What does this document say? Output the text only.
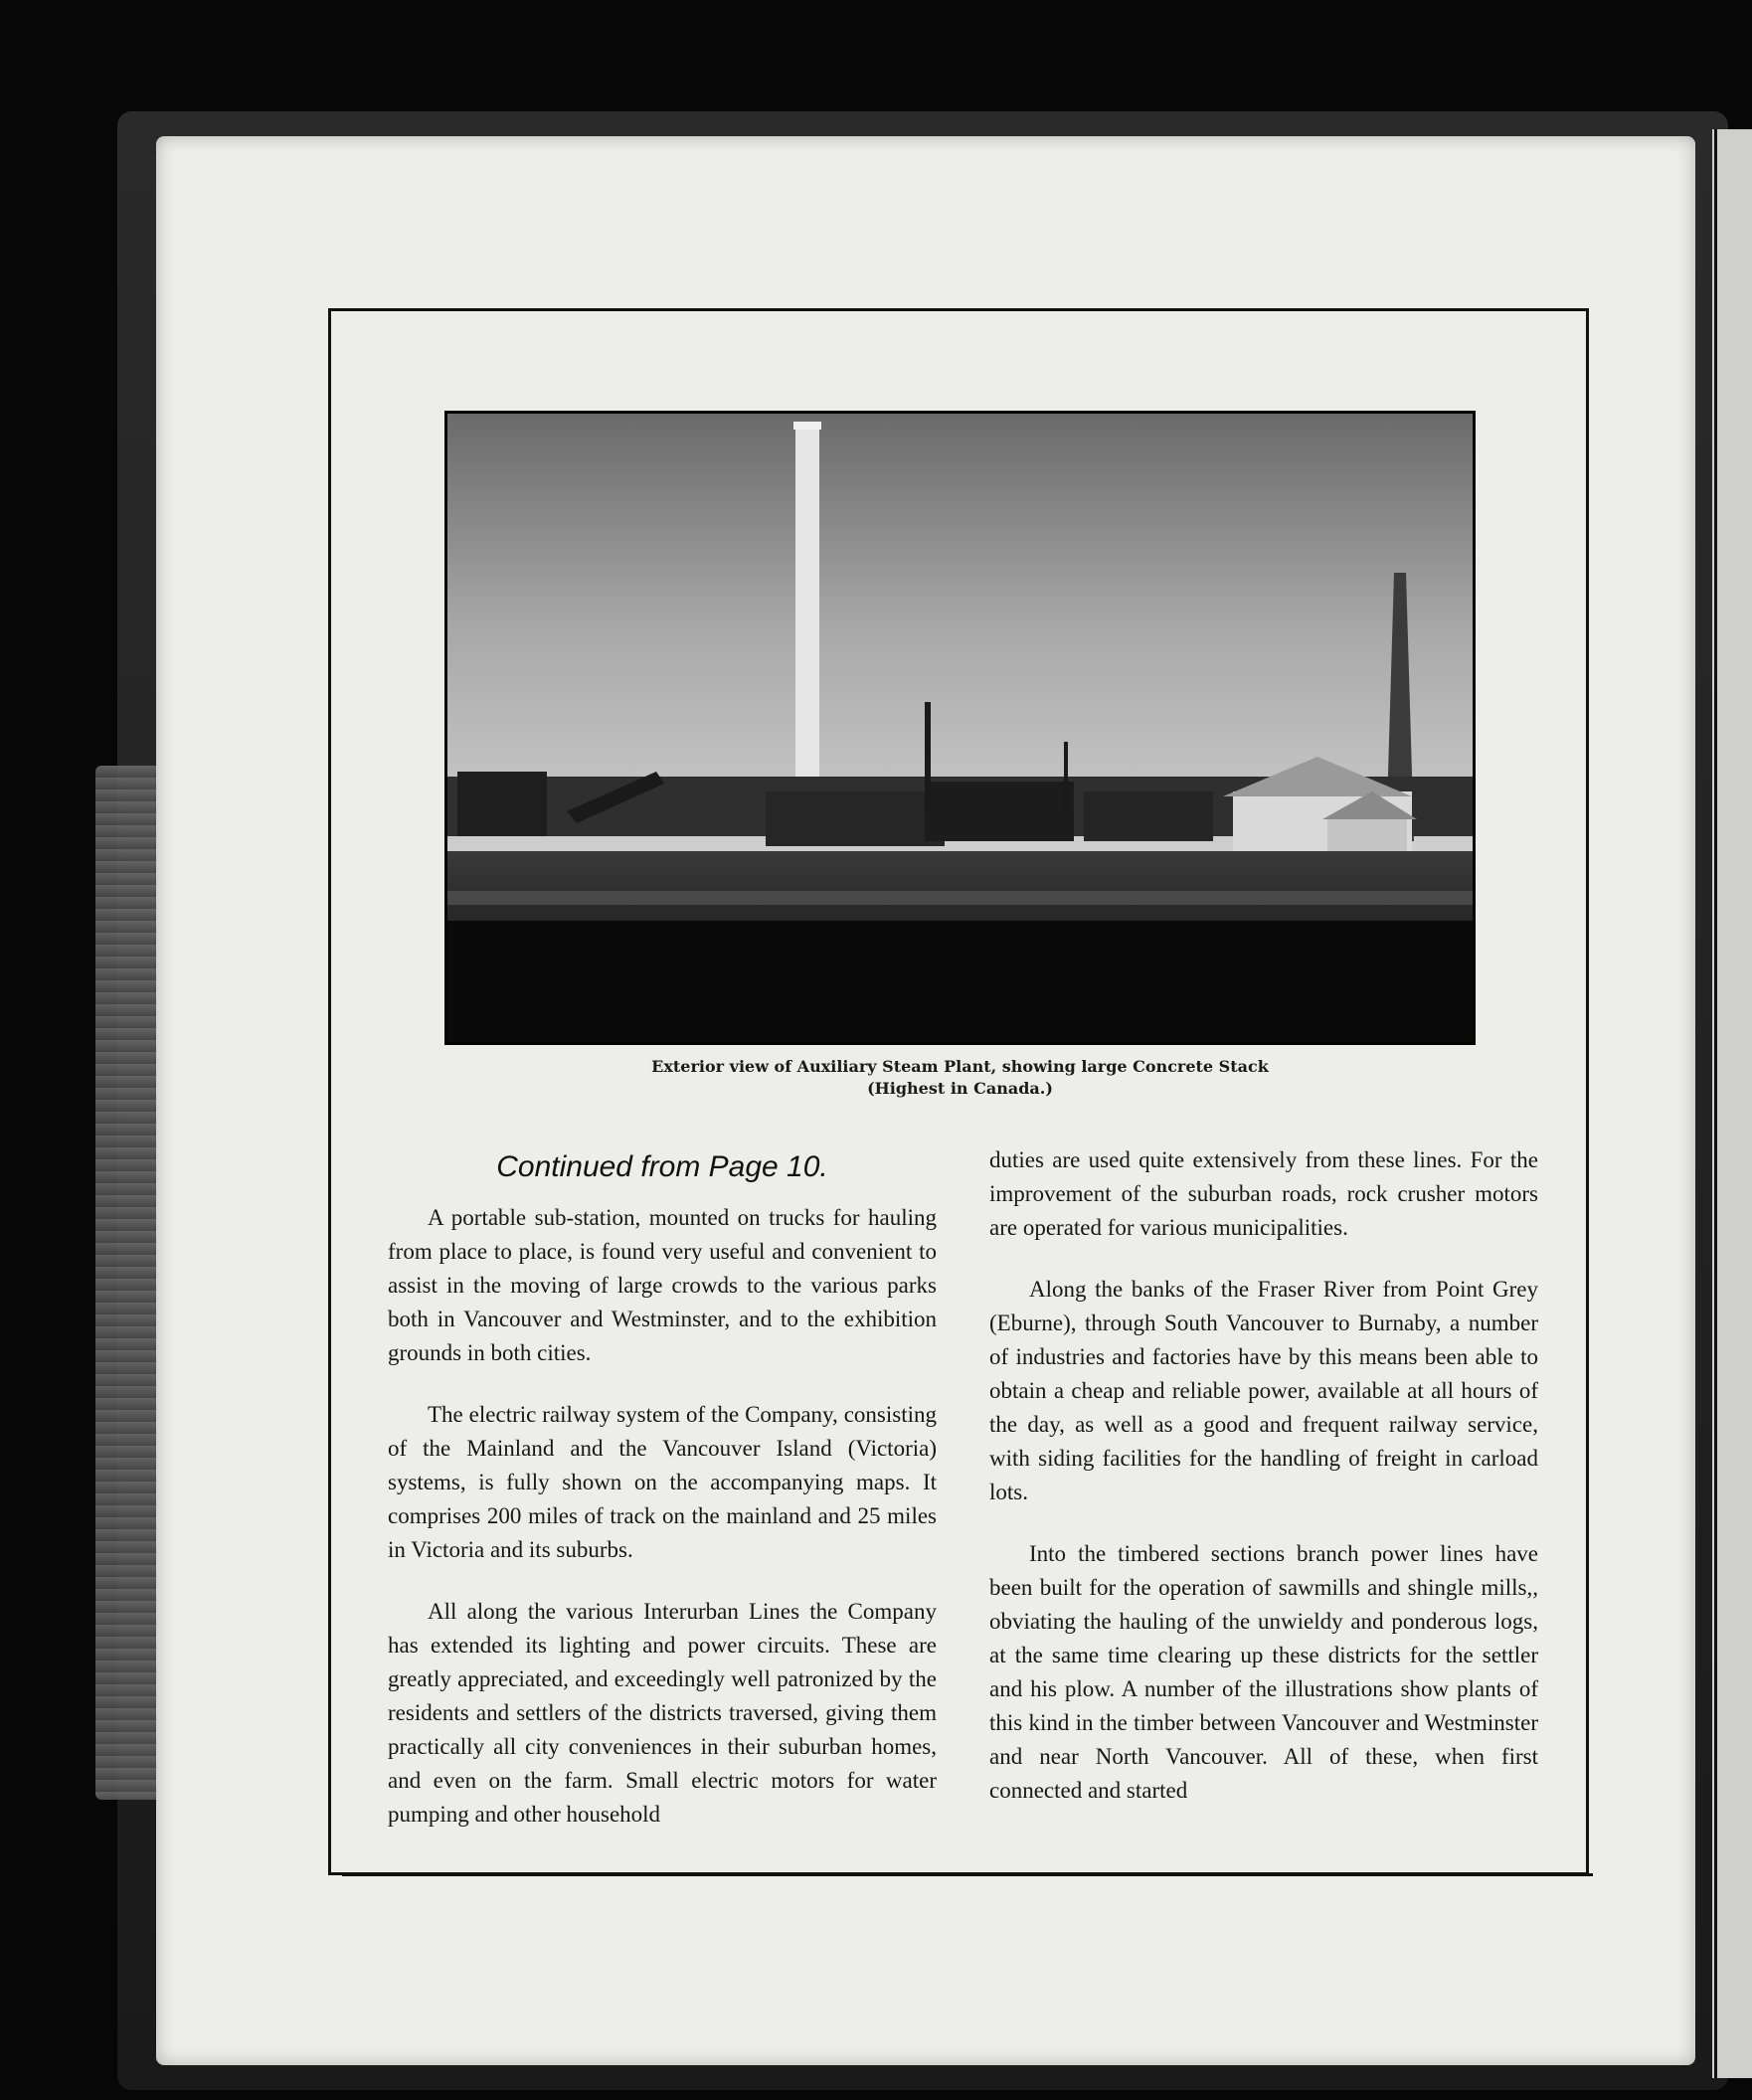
Exterior view of Auxiliary Steam Plant, showing large Concrete Stack
(Highest in Canada.)
Continued from Page 10.

A portable sub-station, mounted on trucks for hauling from place to place, is found very useful and convenient to assist in the moving of large crowds to the various parks both in Vancouver and Westminster, and to the exhibition grounds in both cities.

The electric railway system of the Company, consisting of the Mainland and the Vancouver Island (Victoria) systems, is fully shown on the accompanying maps. It comprises 200 miles of track on the mainland and 25 miles in Victoria and its suburbs.

All along the various Interurban Lines the Company has extended its lighting and power circuits. These are greatly appreciated, and exceedingly well patronized by the residents and settlers of the districts traversed, giving them practically all city conveniences in their suburban homes, and even on the farm. Small electric motors for water pumping and other household

duties are used quite extensively from these lines. For the improvement of the suburban roads, rock crusher motors are operated for various municipalities.

Along the banks of the Fraser River from Point Grey (Eburne), through South Vancouver to Burnaby, a number of industries and factories have by this means been able to obtain a cheap and reliable power, available at all hours of the day, as well as a good and frequent railway service, with siding facilities for the handling of freight in carload lots.

Into the timbered sections branch power lines have been built for the operation of sawmills and shingle mills,, obviating the hauling of the unwieldy and ponderous logs, at the same time clearing up these districts for the settler and his plow. A number of the illustrations show plants of this kind in the timber between Vancouver and Westminster and near North Vancouver. All of these, when first connected and started
